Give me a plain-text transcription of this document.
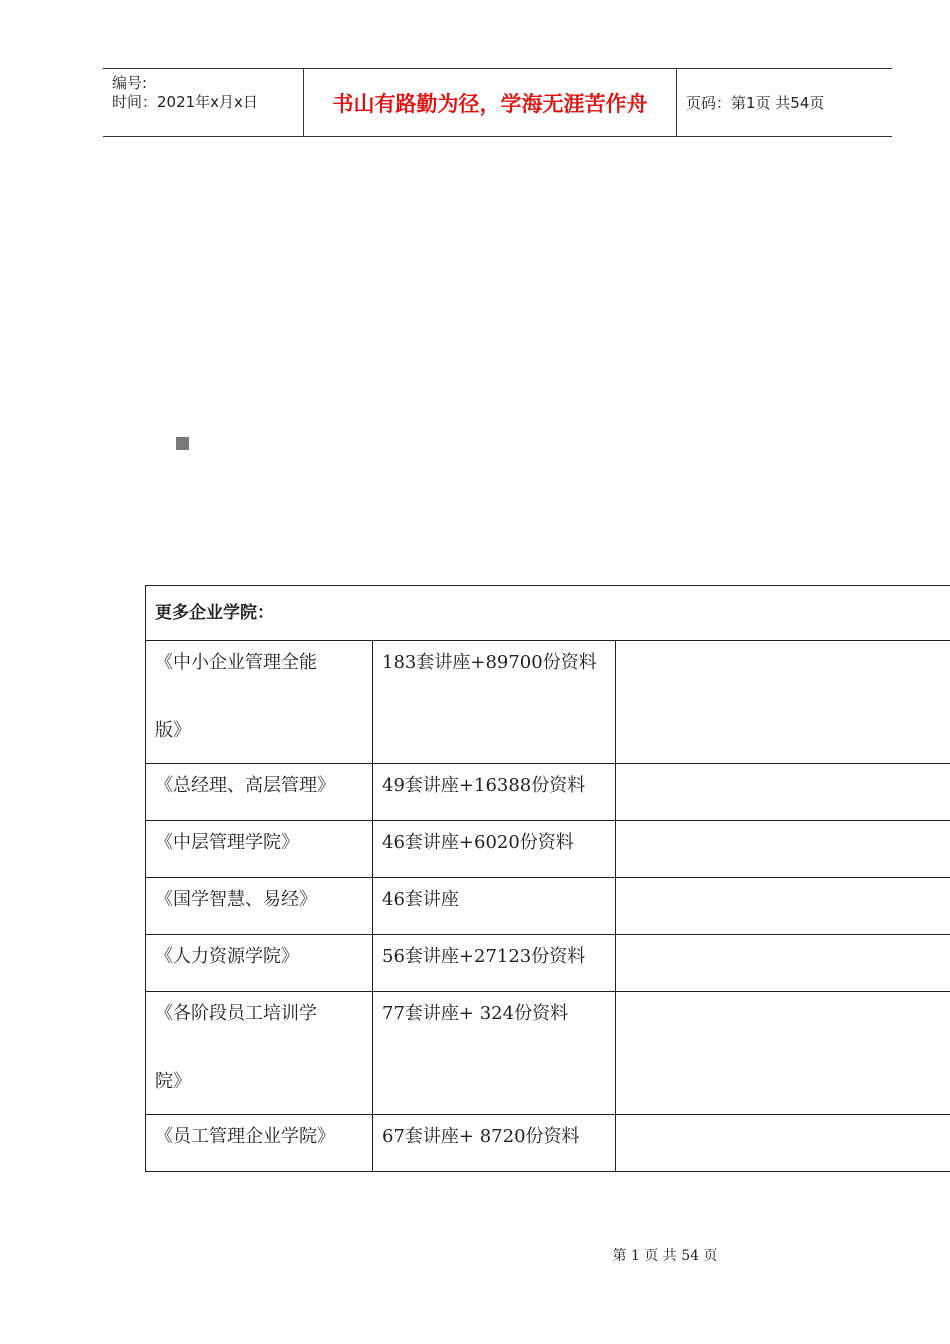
编号:
时间：2021年x月x日	书山有路勤为径，学海无涯苦作舟	页码：第1页 共54页
更多企业学院：		

《中小企业管理全能
版》	183套讲座+89700份资料	

《总经理、高层管理》	49套讲座+16388份资料	

《中层管理学院》	46套讲座+6020份资料	

《国学智慧、易经》	46套讲座	

《人力资源学院》	56套讲座+27123份资料	

《各阶段员工培训学
院》	77套讲座+ 324份资料	

《员工管理企业学院》	67套讲座+ 8720份资料	

第 1 页 共 54 页
